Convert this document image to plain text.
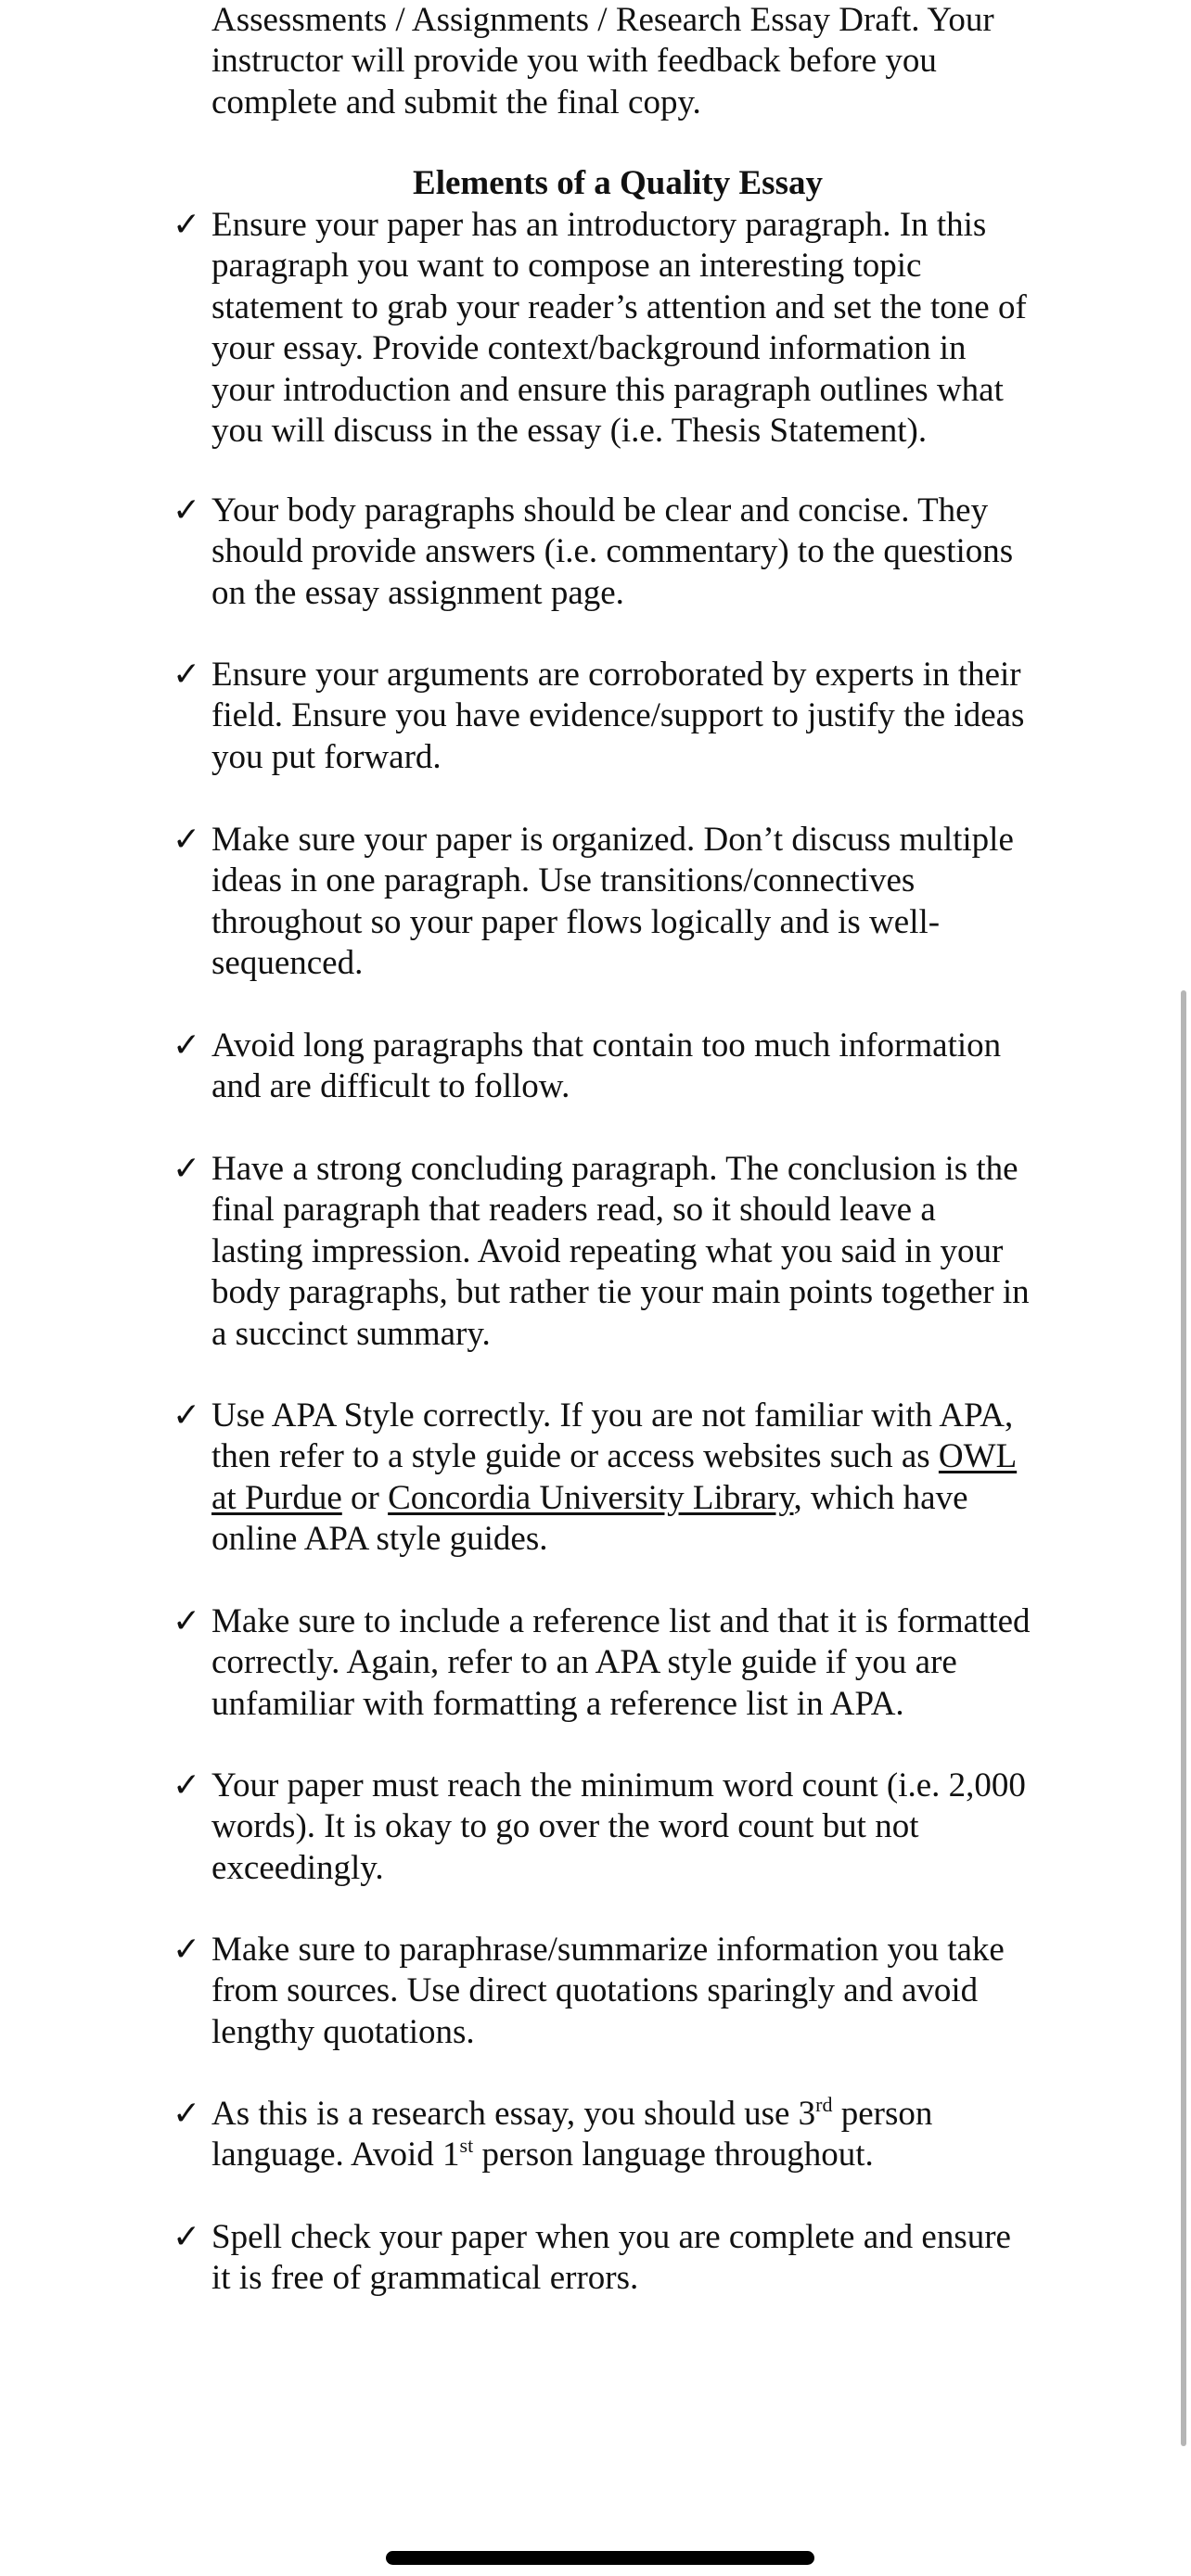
Assessments / Assignments / Research Essay Draft. Your
instructor will provide you with feedback before you
complete and submit the final copy.
Elements of a Quality Essay
✓ Ensure your paper has an introductory paragraph. In this
paragraph you want to compose an interesting topic
statement to grab your reader’s attention and set the tone of
your essay. Provide context/background information in
your introduction and ensure this paragraph outlines what
you will discuss in the essay (i.e. Thesis Statement).
✓ Your body paragraphs should be clear and concise. They
should provide answers (i.e. commentary) to the questions
on the essay assignment page.
✓ Ensure your arguments are corroborated by experts in their
field. Ensure you have evidence/support to justify the ideas
you put forward.
✓ Make sure your paper is organized. Don’t discuss multiple
ideas in one paragraph. Use transitions/connectives
throughout so your paper flows logically and is well-
sequenced.
✓ Avoid long paragraphs that contain too much information
and are difficult to follow.
✓ Have a strong concluding paragraph. The conclusion is the
final paragraph that readers read, so it should leave a
lasting impression. Avoid repeating what you said in your
body paragraphs, but rather tie your main points together in
a succinct summary.
✓ Use APA Style correctly. If you are not familiar with APA,
then refer to a style guide or access websites such as OWL
at Purdue or Concordia University Library, which have
online APA style guides.
✓ Make sure to include a reference list and that it is formatted
correctly. Again, refer to an APA style guide if you are
unfamiliar with formatting a reference list in APA.
✓ Your paper must reach the minimum word count (i.e. 2,000
words). It is okay to go over the word count but not
exceedingly.
✓ Make sure to paraphrase/summarize information you take
from sources. Use direct quotations sparingly and avoid
lengthy quotations.
✓ As this is a research essay, you should use 3rd person
language. Avoid 1st person language throughout.
✓ Spell check your paper when you are complete and ensure
it is free of grammatical errors.
